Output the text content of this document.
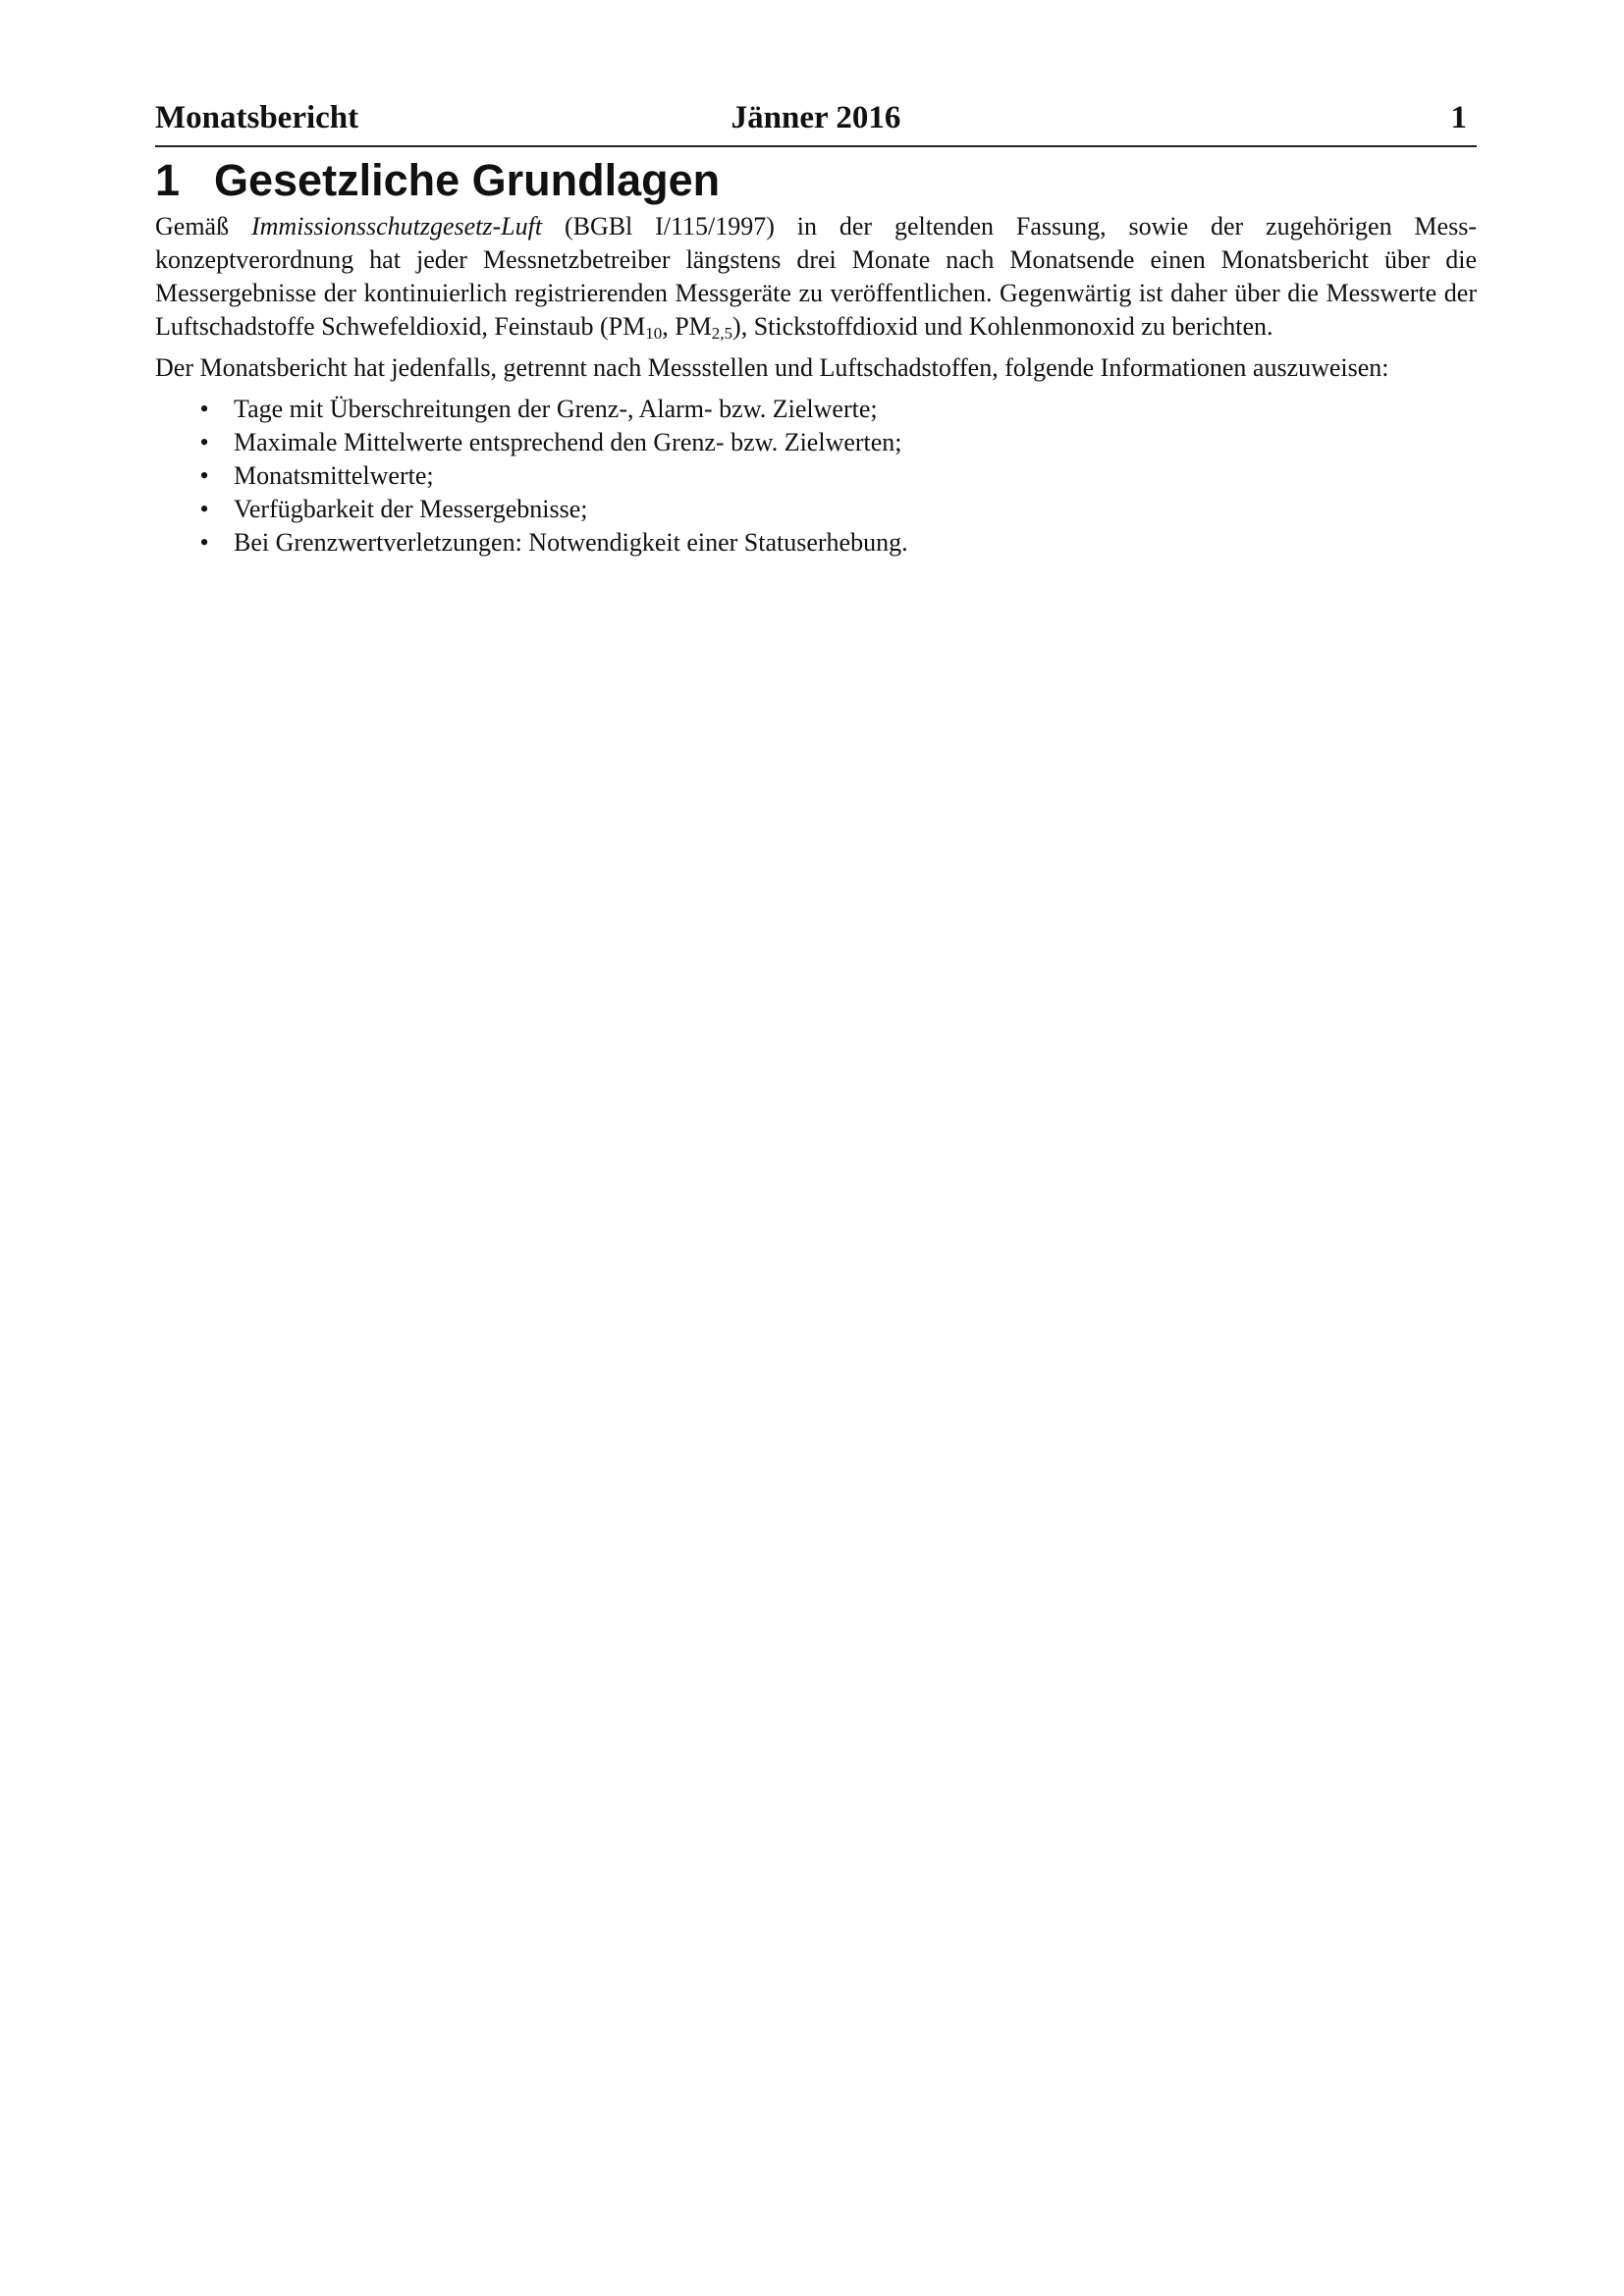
Monatsbericht	Jänner 2016	1
1 Gesetzliche Grundlagen

Gemäß Immissionsschutzgesetz-Luft (BGBl I/115/1997) in der geltenden Fassung, sowie der zugehörigen Messkonzeptverordnung hat jeder Messnetzbetreiber längstens drei Monate nach Monatsende einen Monatsbericht über die Messergebnisse der kontinuierlich registrierenden Messgeräte zu veröffentlichen. Gegenwärtig ist daher über die Messwerte der Luftschadstoffe Schwefeldioxid, Feinstaub ($PM_{10}$, $PM_{2,5}$), Stickstoffdioxid und Kohlenmonoxid zu berichten.

Der Monatsbericht hat jedenfalls, getrennt nach Messstellen und Luftschadstoffen, folgende Informationen auszuweisen:

• Tage mit Überschreitungen der Grenz-, Alarm- bzw. Zielwerte;
• Maximale Mittelwerte entsprechend den Grenz- bzw. Zielwerten;
• Monatsmittelwerte;
• Verfügbarkeit der Messergebnisse;
• Bei Grenzwertverletzungen: Notwendigkeit einer Statuserhebung.
